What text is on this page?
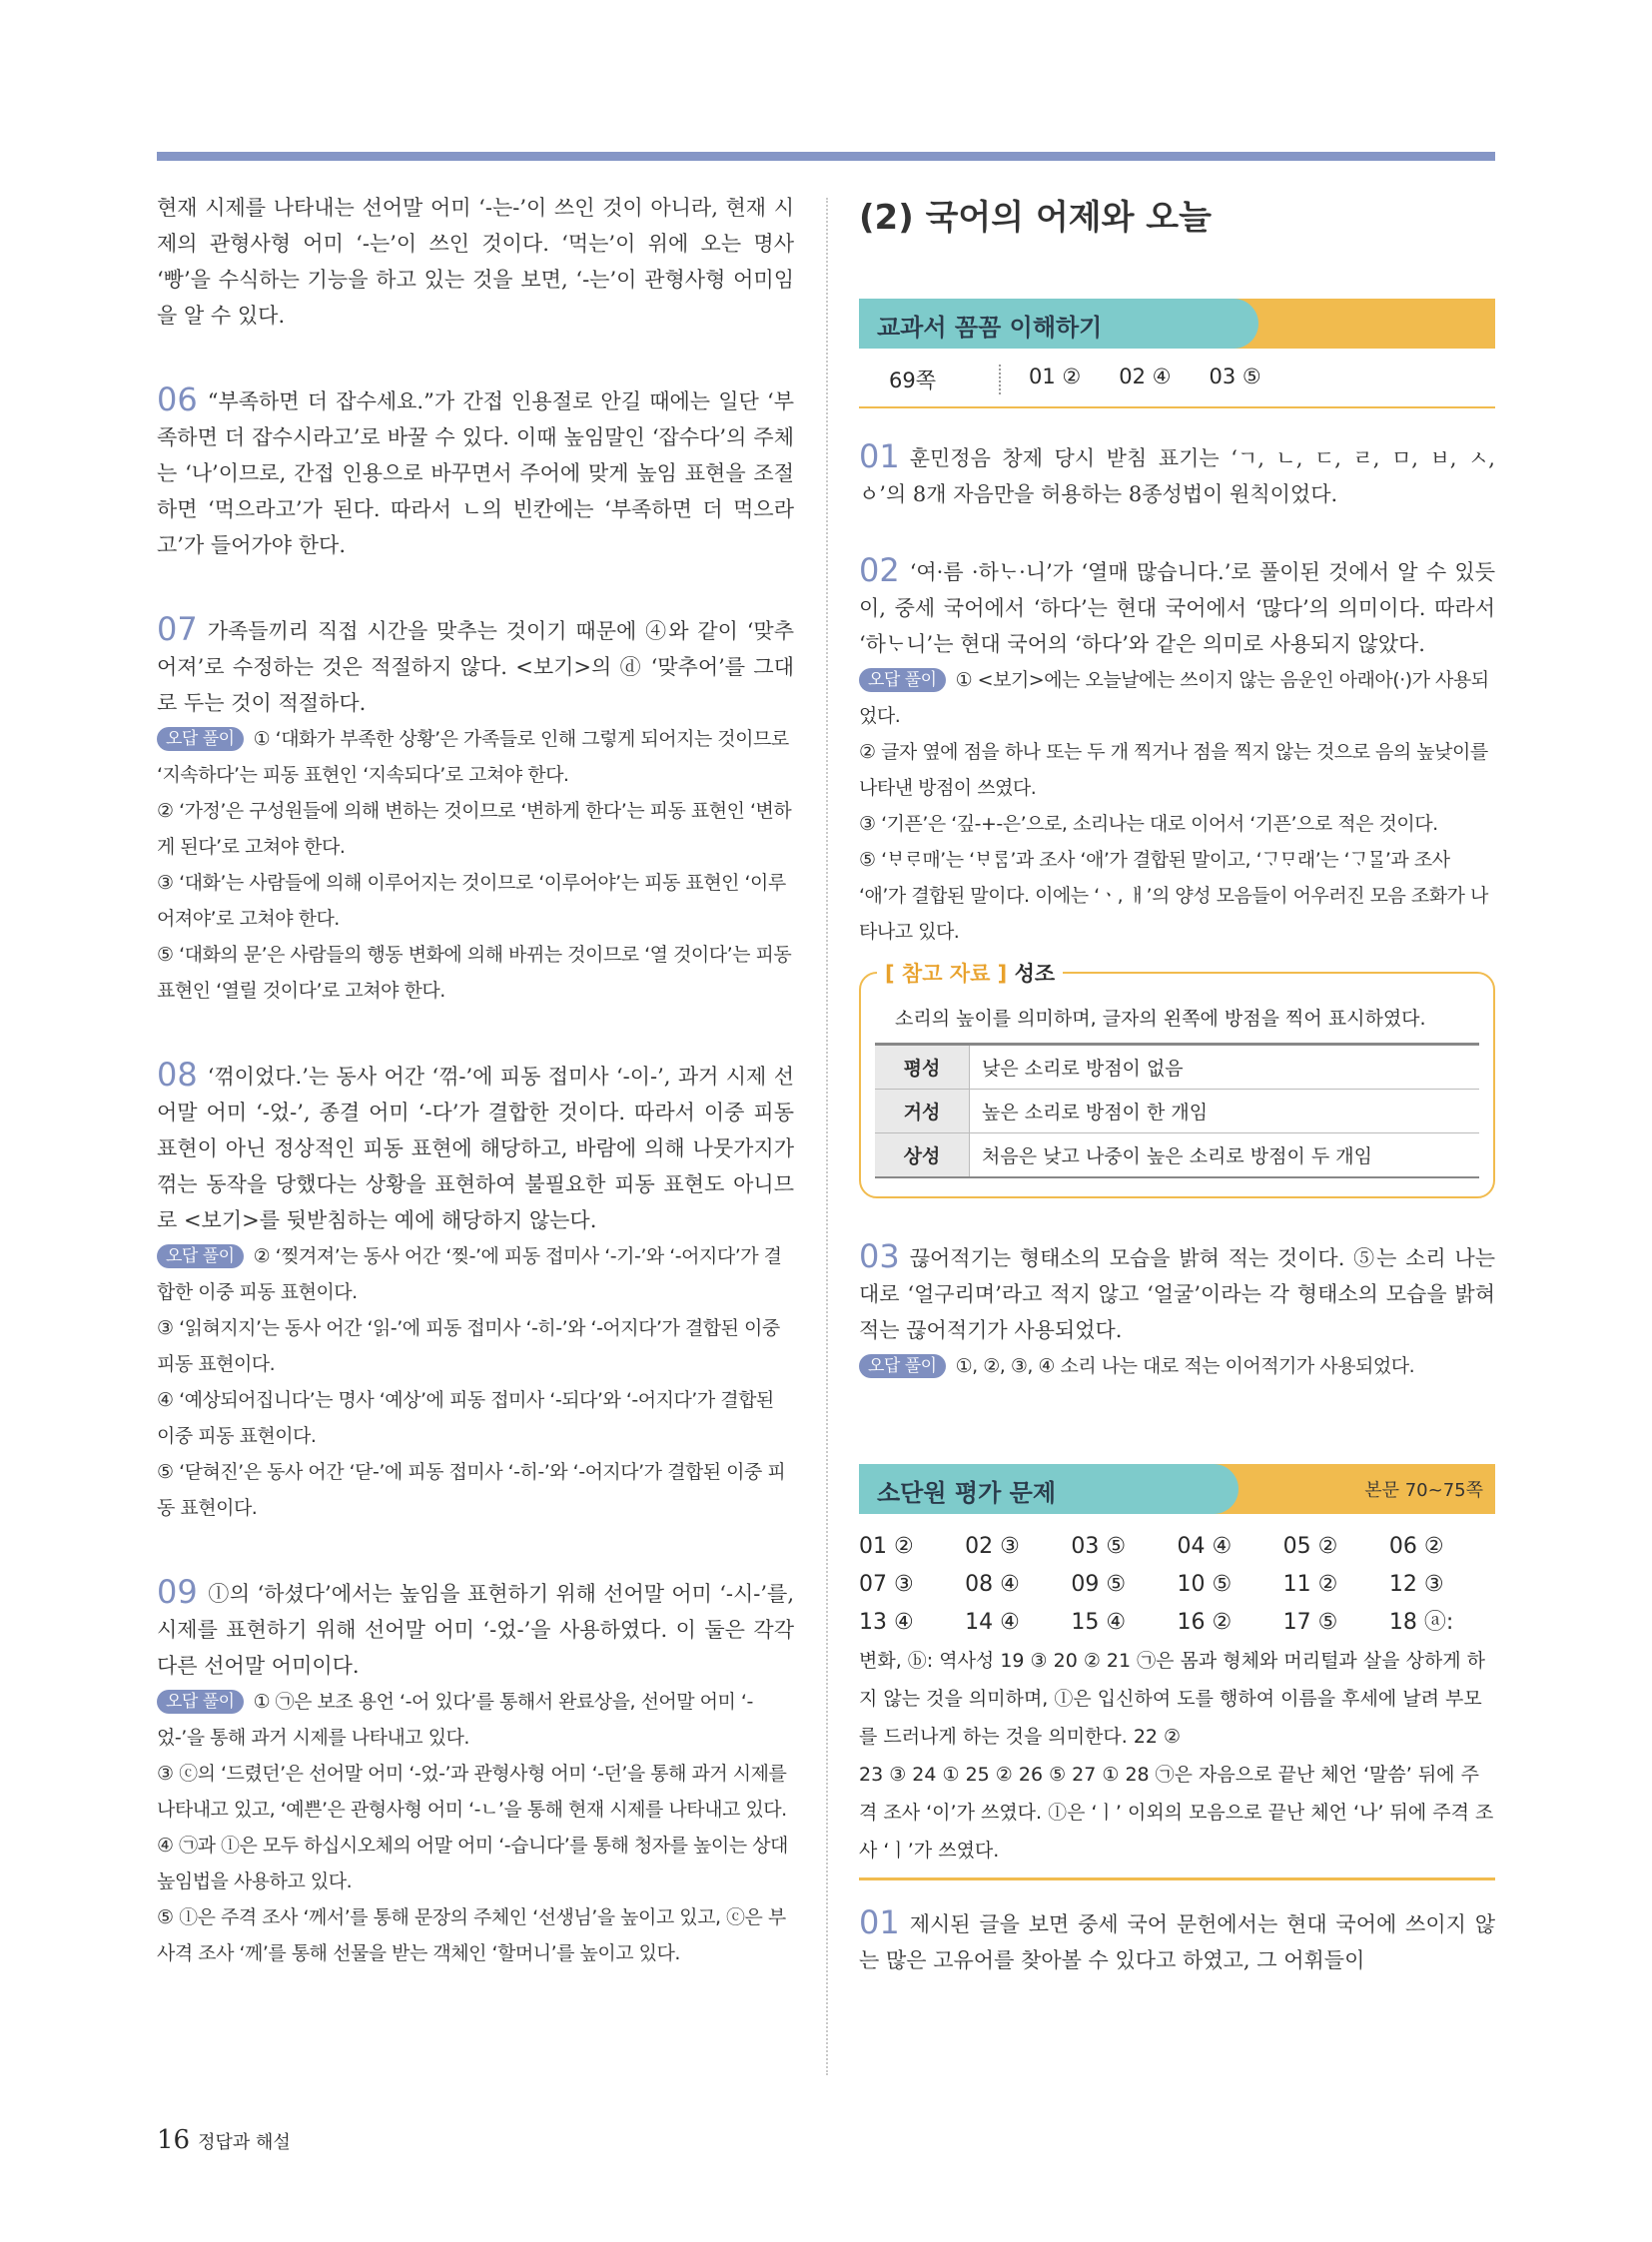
현재 시제를 나타내는 선어말 어미 ‘-는-’이 쓰인 것이 아니라, 현재 시제의 관형사형 어미 ‘-는’이 쓰인 것이다. ‘먹는’이 위에 오는 명사 ‘빵’을 수식하는 기능을 하고 있는 것을 보면, ‘-는’이 관형사형 어미임을 알 수 있다.

06 “부족하면 더 잡수세요.”가 간접 인용절로 안길 때에는 일단 ‘부족하면 더 잡수시라고’로 바꿀 수 있다. 이때 높임말인 ‘잡수다’의 주체는 ‘나’이므로, 간접 인용으로 바꾸면서 주어에 맞게 높임 표현을 조절하면 ‘먹으라고’가 된다. 따라서 ㄴ의 빈칸에는 ‘부족하면 더 먹으라고’가 들어가야 한다.

07 가족들끼리 직접 시간을 맞추는 것이기 때문에 ④와 같이 ‘맞추어져’로 수정하는 것은 적절하지 않다. <보기>의 ⓓ ‘맞추어’를 그대로 두는 것이 적절하다.

오답 풀이 ① ‘대화가 부족한 상황’은 가족들로 인해 그렇게 되어지는 것이므로 ‘지속하다’는 피동 표현인 ‘지속되다’로 고쳐야 한다.

② ‘가정’은 구성원들에 의해 변하는 것이므로 ‘변하게 한다’는 피동 표현인 ‘변하게 된다’로 고쳐야 한다.

③ ‘대화’는 사람들에 의해 이루어지는 것이므로 ‘이루어야’는 피동 표현인 ‘이루어져야’로 고쳐야 한다.

⑤ ‘대화의 문’은 사람들의 행동 변화에 의해 바뀌는 것이므로 ‘열 것이다’는 피동 표현인 ‘열릴 것이다’로 고쳐야 한다.

08 ‘꺾이었다.’는 동사 어간 ‘꺾-’에 피동 접미사 ‘-이-’, 과거 시제 선어말 어미 ‘-었-’, 종결 어미 ‘-다’가 결합한 것이다. 따라서 이중 피동 표현이 아닌 정상적인 피동 표현에 해당하고, 바람에 의해 나뭇가지가 꺾는 동작을 당했다는 상황을 표현하여 불필요한 피동 표현도 아니므로 <보기>를 뒷받침하는 예에 해당하지 않는다.

오답 풀이 ② ‘찢겨져’는 동사 어간 ‘찢-’에 피동 접미사 ‘-기-’와 ‘-어지다’가 결합한 이중 피동 표현이다.

③ ‘읽혀지지’는 동사 어간 ‘읽-’에 피동 접미사 ‘-히-’와 ‘-어지다’가 결합된 이중 피동 표현이다.

④ ‘예상되어집니다’는 명사 ‘예상’에 피동 접미사 ‘-되다’와 ‘-어지다’가 결합된 이중 피동 표현이다.

⑤ ‘닫혀진’은 동사 어간 ‘닫-’에 피동 접미사 ‘-히-’와 ‘-어지다’가 결합된 이중 피동 표현이다.

09 ⓛ의 ‘하셨다’에서는 높임을 표현하기 위해 선어말 어미 ‘-시-’를, 시제를 표현하기 위해 선어말 어미 ‘-었-’을 사용하였다. 이 둘은 각각 다른 선어말 어미이다.

오답 풀이 ① ㉠은 보조 용언 ‘-어 있다’를 통해서 완료상을, 선어말 어미 ‘-었-’을 통해 과거 시제를 나타내고 있다.

③ ⓒ의 ‘드렸던’은 선어말 어미 ‘-었-’과 관형사형 어미 ‘-던’을 통해 과거 시제를 나타내고 있고, ‘예쁜’은 관형사형 어미 ‘-ㄴ’을 통해 현재 시제를 나타내고 있다.

④ ㉠과 ⓛ은 모두 하십시오체의 어말 어미 ‘-습니다’를 통해 청자를 높이는 상대 높임법을 사용하고 있다.

⑤ ⓛ은 주격 조사 ‘께서’를 통해 문장의 주체인 ‘선생님’을 높이고 있고, ⓒ은 부사격 조사 ‘께’를 통해 선물을 받는 객체인 ‘할머니’를 높이고 있다.

(2) 국어의 어제와 오늘
교과서 꼼꼼 이해하기
69쪽	01 ② 02 ④ 03 ⑤

01 훈민정음 창제 당시 받침 표기는 ‘ㄱ, ㄴ, ㄷ, ㄹ, ㅁ, ㅂ, ㅅ, ㆁ’의 8개 자음만을 허용하는 8종성법이 원칙이었다.

02 ‘여·름 ·하ᄂᆞ·니’가 ‘열매 많습니다.’로 풀이된 것에서 알 수 있듯이, 중세 국어에서 ‘하다’는 현대 국어에서 ‘많다’의 의미이다. 따라서 ‘하ᄂᆞ니’는 현대 국어의 ‘하다’와 같은 의미로 사용되지 않았다.

오답 풀이 ① <보기>에는 오늘날에는 쓰이지 않는 음운인 아래아(·)가 사용되었다.

② 글자 옆에 점을 하나 또는 두 개 찍거나 점을 찍지 않는 것으로 음의 높낮이를 나타낸 방점이 쓰였다.

③ ‘기픈’은 ‘깊-+-은’으로, 소리나는 대로 이어서 ‘기픈’으로 적은 것이다.

⑤ ‘ᄇᆞᄅᆞ매’는 ‘ᄇᆞᄅᆞᆷ’과 조사 ‘애’가 결합된 말이고, ‘ᄀᆞᄆᆞ래’는 ‘ᄀᆞᄆᆞᆯ’과 조사 ‘애’가 결합된 말이다. 이에는 ‘ㆍ, ㅐ’의 양성 모음들이 어우러진 모음 조화가 나타나고 있다.

[ 참고 자료 ] 성조

소리의 높이를 의미하며, 글자의 왼쪽에 방점을 찍어 표시하였다.

평성	낮은 소리로 방점이 없음
거성	높은 소리로 방점이 한 개임
상성	처음은 낮고 나중이 높은 소리로 방점이 두 개임

03 끊어적기는 형태소의 모습을 밝혀 적는 것이다. ⑤는 소리 나는 대로 ‘얼구리며’라고 적지 않고 ‘얼굴’이라는 각 형태소의 모습을 밝혀 적는 끊어적기가 사용되었다.

오답 풀이 ①, ②, ③, ④ 소리 나는 대로 적는 이어적기가 사용되었다.

소단원 평가 문제	본문 70~75쪽
01 ②	02 ③	03 ⑤	04 ④	05 ②	06 ②
07 ③	08 ④	09 ⑤	10 ⑤	11 ②	12 ③
13 ④	14 ④	15 ④	16 ②	17 ⑤	18 ⓐ:

변화, ⓑ: 역사성 19 ③ 20 ② 21 ㉠은 몸과 형체와 머리털과 살을 상하게 하지 않는 것을 의미하며, ⓛ은 입신하여 도를 행하여 이름을 후세에 날려 부모를 드러나게 하는 것을 의미한다. 22 ②

23 ③ 24 ① 25 ② 26 ⑤ 27 ① 28 ㉠은 자음으로 끝난 체언 ‘말씀’ 뒤에 주격 조사 ‘이’가 쓰였다. ⓛ은 ‘ㅣ’ 이외의 모음으로 끝난 체언 ‘나’ 뒤에 주격 조사 ‘ㅣ’가 쓰였다.

01 제시된 글을 보면 중세 국어 문헌에서는 현대 국어에 쓰이지 않는 많은 고유어를 찾아볼 수 있다고 하였고, 그 어휘들이

16 정답과 해설
